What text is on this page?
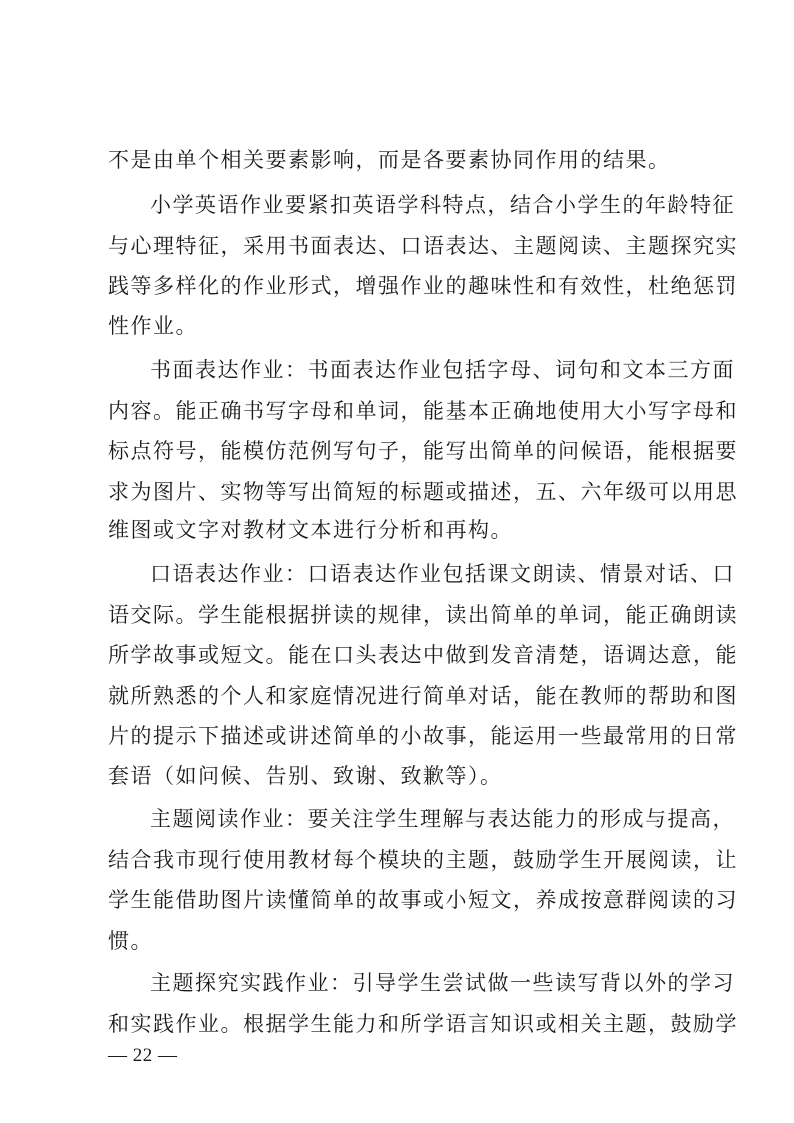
不是由单个相关要素影响，而是各要素协同作用的结果。
小学英语作业要紧扣英语学科特点，结合小学生的年龄特征
与心理特征，采用书面表达、口语表达、主题阅读、主题探究实
践等多样化的作业形式，增强作业的趣味性和有效性，杜绝惩罚
性作业。
书面表达作业：书面表达作业包括字母、词句和文本三方面
内容。能正确书写字母和单词，能基本正确地使用大小写字母和
标点符号，能模仿范例写句子，能写出简单的问候语，能根据要
求为图片、实物等写出简短的标题或描述，五、六年级可以用思
维图或文字对教材文本进行分析和再构。
口语表达作业：口语表达作业包括课文朗读、情景对话、口
语交际。学生能根据拼读的规律，读出简单的单词，能正确朗读
所学故事或短文。能在口头表达中做到发音清楚，语调达意，能
就所熟悉的个人和家庭情况进行简单对话，能在教师的帮助和图
片的提示下描述或讲述简单的小故事，能运用一些最常用的日常
套语（如问候、告别、致谢、致歉等）。
主题阅读作业：要关注学生理解与表达能力的形成与提高，
结合我市现行使用教材每个模块的主题，鼓励学生开展阅读，让
学生能借助图片读懂简单的故事或小短文，养成按意群阅读的习
惯。
主题探究实践作业：引导学生尝试做一些读写背以外的学习
和实践作业。根据学生能力和所学语言知识或相关主题，鼓励学
— 22 —
